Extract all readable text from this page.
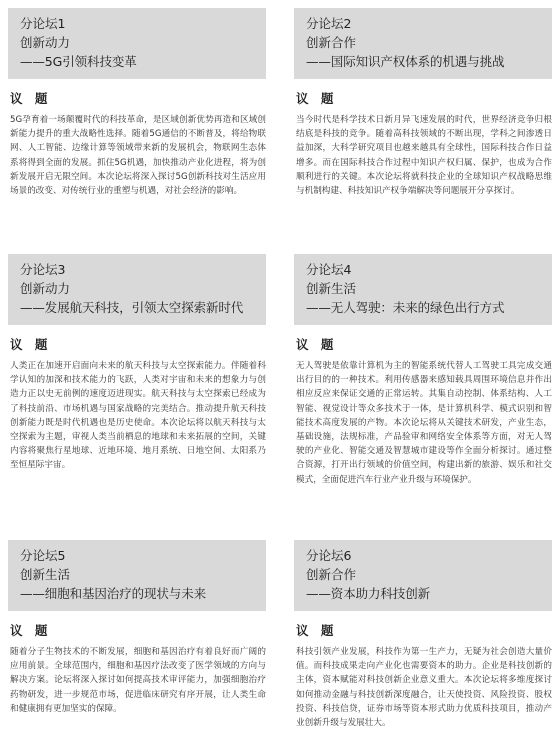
分论坛1
创新动力
——5G引领科技变革
议 题

5G孕育着一场颠覆时代的科技革命，是区域创新优势再造和区域创新能力提升的重大战略性选择。随着5G通信的不断普及，将给物联网、人工智能、边缘计算等领域带来新的发展机会，物联网生态体系将得到全面的发展。抓住5G机遇，加快推动产业化进程，将为创新发展开启无限空间。本次论坛将深入探讨5G创新科技对生活应用场景的改变、对传统行业的重塑与机遇，对社会经济的影响。

分论坛2
创新合作
——国际知识产权体系的机遇与挑战
议 题

当今时代是科学技术日新月异飞速发展的时代，世界经济竞争归根结底是科技的竞争。随着高科技领域的不断出现，学科之间渗透日益加深，大科学研究项目也越来越具有全球性，国际科技合作日益增多。而在国际科技合作过程中知识产权归属、保护，也成为合作顺利进行的关键。本次论坛将就科技企业的全球知识产权战略思维与机制构建、科技知识产权争端解决等问题展开分享探讨。

分论坛3
创新动力
——发展航天科技，引领太空探索新时代
议 题

人类正在加速开启面向未来的航天科技与太空探索能力。伴随着科学认知的加深和技术能力的飞跃，人类对宇宙和未来的想象力与创造力正以史无前例的速度迈进现实。航天科技与太空探索已经成为了科技前沿、市场机遇与国家战略的完美结合。推动提升航天科技创新能力既是时代机遇也是历史使命。本次论坛将以航天科技与太空探索为主题，审视人类当前栖息的地球和未来拓展的空间，关键内容将聚焦行星地球、近地环境、地月系统、日地空间、太阳系乃至恒星际宇宙。

分论坛4
创新生活
——无人驾驶：未来的绿色出行方式
议 题

无人驾驶是依靠计算机为主的智能系统代替人工驾驶工具完成交通出行目的的一种技术。利用传感器来感知载具周围环境信息并作出相应反应来保证交通的正常运转。其集自动控制、体系结构、人工智能、视觉设计等众多技术于一体，是计算机科学、模式识别和智能技术高度发展的产物。本次论坛将从关键技术研发，产业生态，基础设施，法规标准，产品验审和网络安全体系等方面，对无人驾驶的产业化、智能交通及智慧城市建设等作全面分析探讨。通过整合资源，打开出行领域的价值空间，构建出新的旅游、娱乐和社交模式，全面促进汽车行业产业升级与环境保护。

分论坛5
创新生活
——细胞和基因治疗的现状与未来
议 题

随着分子生物技术的不断发展，细胞和基因治疗有着良好而广阔的应用前景。全球范围内，细胞和基因疗法改变了医学领域的方向与解决方案。论坛将深入探讨如何提高技术审评能力，加强细胞治疗药物研发，进一步规范市场，促进临床研究有序开展，让人类生命和健康拥有更加坚实的保障。

分论坛6
创新合作
——资本助力科技创新
议 题

科技引领产业发展，科技作为第一生产力，无疑为社会创造大量价值。而科技成果走向产业化也需要资本的助力。企业是科技创新的主体，资本赋能对科技创新企业意义重大。本次论坛将多维度探讨如何推动金融与科技创新深度融合，让天使投资、风险投资、股权投资、科技信贷，证券市场等资本形式助力优质科技项目，推动产业创新升级与发展壮大。
